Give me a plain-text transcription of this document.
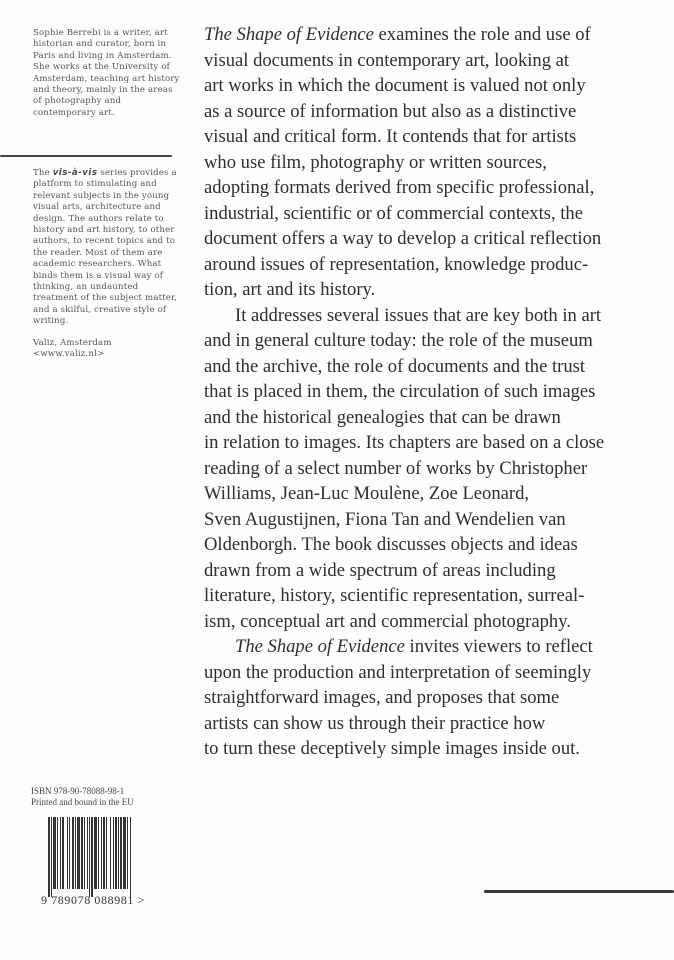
Sophie Berrebi is a writer, art historian and curator, born in Paris and living in Amsterdam. She works at the University of Amsterdam, teaching art history and theory, mainly in the areas of photography and contemporary art.

The vis-à-vis series provides a platform to stimulating and relevant subjects in the young visual arts, architecture and design. The authors relate to history and art history, to other authors, to recent topics and to the reader. Most of them are academic researchers. What binds them is a visual way of thinking, an undaunted treatment of the subject matter, and a skilful, creative style of writing.

Valiz, Amsterdam
<www.valiz.nl>

ISBN 978-90-78088-98-1
Printed and bound in the EU
9 789078 088981 >

The Shape of Evidence examines the role and use of
visual documents in contemporary art, looking at
art works in which the document is valued not only
as a source of information but also as a distinctive
visual and critical form. It contends that for artists
who use film, photography or written sources,
adopting formats derived from specific professional,
industrial, scientific or of commercial contexts, the
document offers a way to develop a critical reflection
around issues of representation, knowledge produc-
tion, art and its history.

It addresses several issues that are key both in art
and in general culture today: the role of the museum
and the archive, the role of documents and the trust
that is placed in them, the circulation of such images
and the historical genealogies that can be drawn
in relation to images. Its chapters are based on a close
reading of a select number of works by Christopher
Williams, Jean-Luc Moulène, Zoe Leonard,
Sven Augustijnen, Fiona Tan and Wendelien van
Oldenborgh. The book discusses objects and ideas
drawn from a wide spectrum of areas including
literature, history, scientific representation, surreal-
ism, conceptual art and commercial photography.

The Shape of Evidence invites viewers to reflect
upon the production and interpretation of seemingly
straightforward images, and proposes that some
artists can show us through their practice how
to turn these deceptively simple images inside out.
